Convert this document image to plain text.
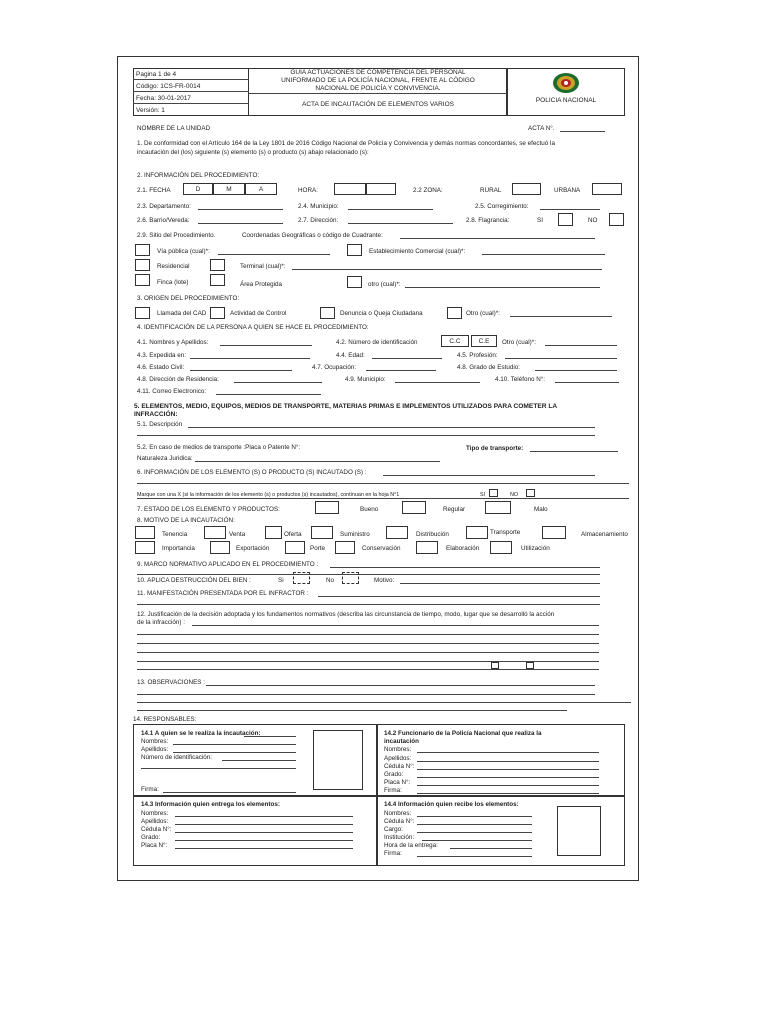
Pagina 1 de 4
Código: 1CS-FR-0014
Fecha: 30-01-2017
Versión: 1
GUIA ACTUACIONES DE COMPETENCIA DEL PERSONAL
UNIFORMADO DE LA POLICÍA NACIONAL, FRENTE AL CÓDIGO
NACIONAL DE POLICÍA Y CONVIVENCIA.
ACTA DE INCAUTACIÓN DE ELEMENTOS VARIOS
POLICIA NACIONAL
NOMBRE DE LA UNIDAD	ACTA N°.
1. De conformidad con el Artículo 164 de la Ley 1801 de 2016 Código Nacional de Policía y Convivencia y demás normas concordantes, se efectuó la
incautación del (los) siguiente (s) elemento (s) o producto (s) abajo relacionado (s):
2. INFORMACIÓN DEL PROCEDIMIENTO:
2.1. FECHA	D	M	A	HORA:	2.2 ZONA:	RURAL	URBANA
2.3. Departamento:	2.4. Municipio:	2.5. Corregimiento:
2.6. Barrio/Vereda:	2.7. Dirección:	2.8. Flagrancia:	SI	NO
2.9. Sitio del Procedimiento.	Coordenadas Geográficas o código de Cuadrante:
Vía pública (cual)*:	Establecimiento Comercial (cual)*:
Residencial	Terminal (cual)*:
Finca (lote)	Área Protegida	otro (cual)*:
3. ORIGEN DEL PROCEDIMIENTO:
Llamada del CAD	Actividad de Control	Denuncia o Queja Ciudadana	Otro (cual)*:
4. IDENTIFICACIÓN DE LA PERSONA A QUIEN SE HACE EL PROCEDIMIENTO:
4.1. Nombres y Apellidos:	4.2. Número de identificación	C.C	C.E	Otro (cual)*:
4.3. Expedida en:	4.4. Edad:	4.5. Profesión:
4.6. Estado Civil:	4.7. Ocupación:	4.8. Grado de Estudio:
4.8. Dirección de Residencia:	4.9. Municipio:	4.10. Teléfono N°:
4.11. Correo Electronico:
5. ELEMENTOS, MEDIO, EQUIPOS, MEDIOS DE TRANSPORTE, MATERIAS PRIMAS E IMPLEMENTOS UTILIZADOS PARA COMETER LA
INFRACCIÓN:
5.1. Descripción
5.2. En caso de medios de transporte :Placa o Patente N°:	Tipo de transporte:
Naturaleza Juridica:
6. INFORMACIÓN DE LOS ELEMENTO (S) O PRODUCTO (S) INCAUTADO (S) :
Marque con una X (si la información de los elemento (s) o productos (s) incautados), continuan en la hoja N°1	SI	NO
7. ESTADO DE LOS ELEMENTO Y PRODUCTOS:	Bueno	Regular	Malo
8. MOTIVO DE LA INCAUTACIÓN:
Tenencia	Venta	Oferta	Suministro	Distribución	Transporte	Almacenamiento
Importancia	Exportación	Porte	Conservación	Elaboración	Utilización
9. MARCO NORMATIVO APLICADO EN EL PROCEDIMIENTO :
10. APLICA DESTRUCCIÓN DEL BIEN :	Si	No	Motivo:
11. MANIFESTACIÓN PRESENTADA POR EL INFRACTOR :
12. Justificación de la decisión adoptada y los fundamentos normativos (describa las circunstancia de tiempo, modo, lugar que se desarrolló la acción
de la infracción) :
13. OBSERVACIONES :
14. RESPONSABLES:
14.1 A quien se le realiza la incautación:
Nombres:
Apellidos:
Número de identificación:
Firma:
14.2 Funcionario de la Policía Nacional que realiza la
incautación
Nombres:
Apellidos:
Cédula N°:
Grado:
Placa N°:
Firma:
14.3 Información quien entrega los elementos:
Nombres:
Apellidos:
Cédula N°:
Grado:
Placa N°:
14.4 Información quien recibe los elementos:
Nombres:
Cédula N°:
Cargo:
Institución:
Hora de la entrega:
Firma:
